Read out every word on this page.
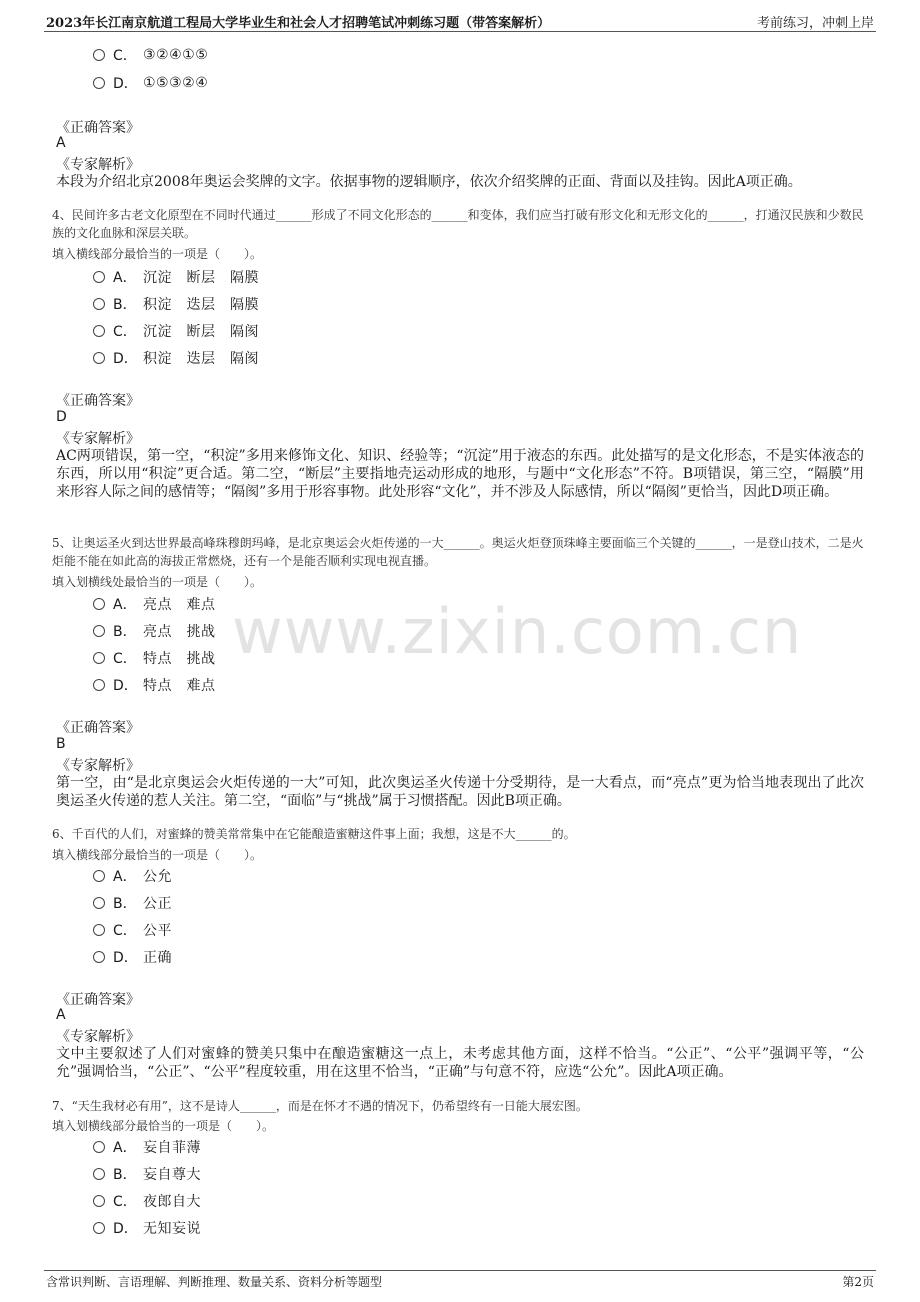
2023年长江南京航道工程局大学毕业生和社会人才招聘笔试冲刺练习题（带答案解析）	考前练习，冲刺上岸
www.zixin.com.cn
C． ③②④①⑤
D． ①⑤③②④
《正确答案》
A
《专家解析》
本段为介绍北京2008年奥运会奖牌的文字。依据事物的逻辑顺序，依次介绍奖牌的正面、背面以及挂钩。因此A项正确。
4、民间许多古老文化原型在不同时代通过______形成了不同文化形态的______和变体，我们应当打破有形文化和无形文化的______，打通汉民族和少数民族的文化血脉和深层关联。
填入横线部分最恰当的一项是（　　）。
A． 沉淀　断层　隔膜
B． 积淀　迭层　隔膜
C． 沉淀　断层　隔阂
D． 积淀　迭层　隔阂
《正确答案》
D
《专家解析》
AC两项错误，第一空，“积淀”多用来修饰文化、知识、经验等；“沉淀”用于液态的东西。此处描写的是文化形态，不是实体液态的东西，所以用“积淀”更合适。第二空，“断层”主要指地壳运动形成的地形，与题中“文化形态”不符。B项错误，第三空，“隔膜”用来形容人际之间的感情等；“隔阂”多用于形容事物。此处形容“文化”，并不涉及人际感情，所以“隔阂”更恰当，因此D项正确。
5、让奥运圣火到达世界最高峰珠穆朗玛峰，是北京奥运会火炬传递的一大______。奥运火炬登顶珠峰主要面临三个关键的______，一是登山技术，二是火炬能不能在如此高的海拔正常燃烧，还有一个是能否顺利实现电视直播。
填入划横线处最恰当的一项是（　　）。
A． 亮点　难点
B． 亮点　挑战
C． 特点　挑战
D． 特点　难点
《正确答案》
B
《专家解析》
第一空，由“是北京奥运会火炬传递的一大”可知，此次奥运圣火传递十分受期待，是一大看点，而“亮点”更为恰当地表现出了此次奥运圣火传递的惹人关注。第二空，“面临”与“挑战”属于习惯搭配。因此B项正确。
6、千百代的人们，对蜜蜂的赞美常常集中在它能酿造蜜糖这件事上面；我想，这是不大______的。
填入横线部分最恰当的一项是（　　）。
A． 公允
B． 公正
C． 公平
D． 正确
《正确答案》
A
《专家解析》
文中主要叙述了人们对蜜蜂的赞美只集中在酿造蜜糖这一点上，未考虑其他方面，这样不恰当。“公正”、“公平”强调平等，“公允”强调恰当，“公正”、“公平”程度较重，用在这里不恰当，“正确”与句意不符，应选“公允”。因此A项正确。
7、“天生我材必有用”，这不是诗人______，而是在怀才不遇的情况下，仍希望终有一日能大展宏图。
填入划横线部分最恰当的一项是（　　）。
A． 妄自菲薄
B． 妄自尊大
C． 夜郎自大
D． 无知妄说
含常识判断、言语理解、判断推理、数量关系、资料分析等题型	第2页
